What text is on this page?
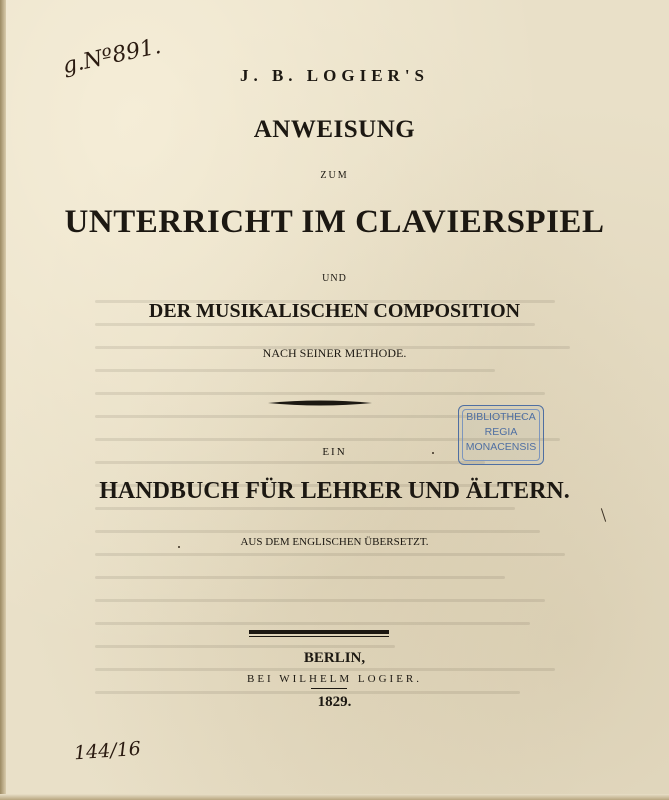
g.Nº891.	J. B. LOGIER'S
ANWEISUNG
ZUM
UNTERRICHT IM CLAVIERSPIEL
UND
DER MUSIKALISCHEN COMPOSITION
NACH SEINER METHODE.
BIBLIOTHECA
REGIA
MONACENSIS
EIN
HANDBUCH FÜR LEHRER UND ÄLTERN.
AUS DEM ENGLISCHEN ÜBERSETZT.
BERLIN,
BEI WILHELM LOGIER.
1829.
144/16
